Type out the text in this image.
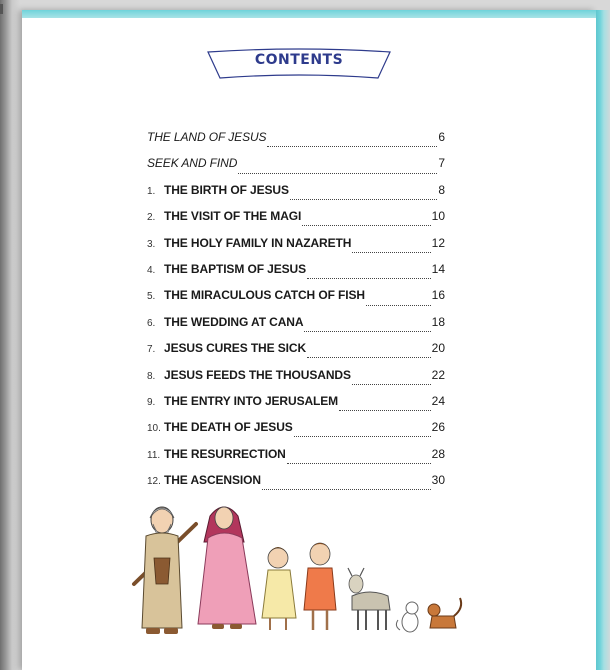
CONTENTS
THE LAND OF JESUS	6
SEEK AND FIND	7
1. THE BIRTH OF JESUS	8
2. THE VISIT OF THE MAGI	10
3. THE HOLY FAMILY IN NAZARETH	12
4. THE BAPTISM OF JESUS	14
5. THE MIRACULOUS CATCH OF FISH	16
6. THE WEDDING AT CANA	18
7. JESUS CURES THE SICK	20
8. JESUS FEEDS THE THOUSANDS	22
9. THE ENTRY INTO JERUSALEM	24
10. THE DEATH OF JESUS	26
11. THE RESURRECTION	28
12. THE ASCENSION	30
